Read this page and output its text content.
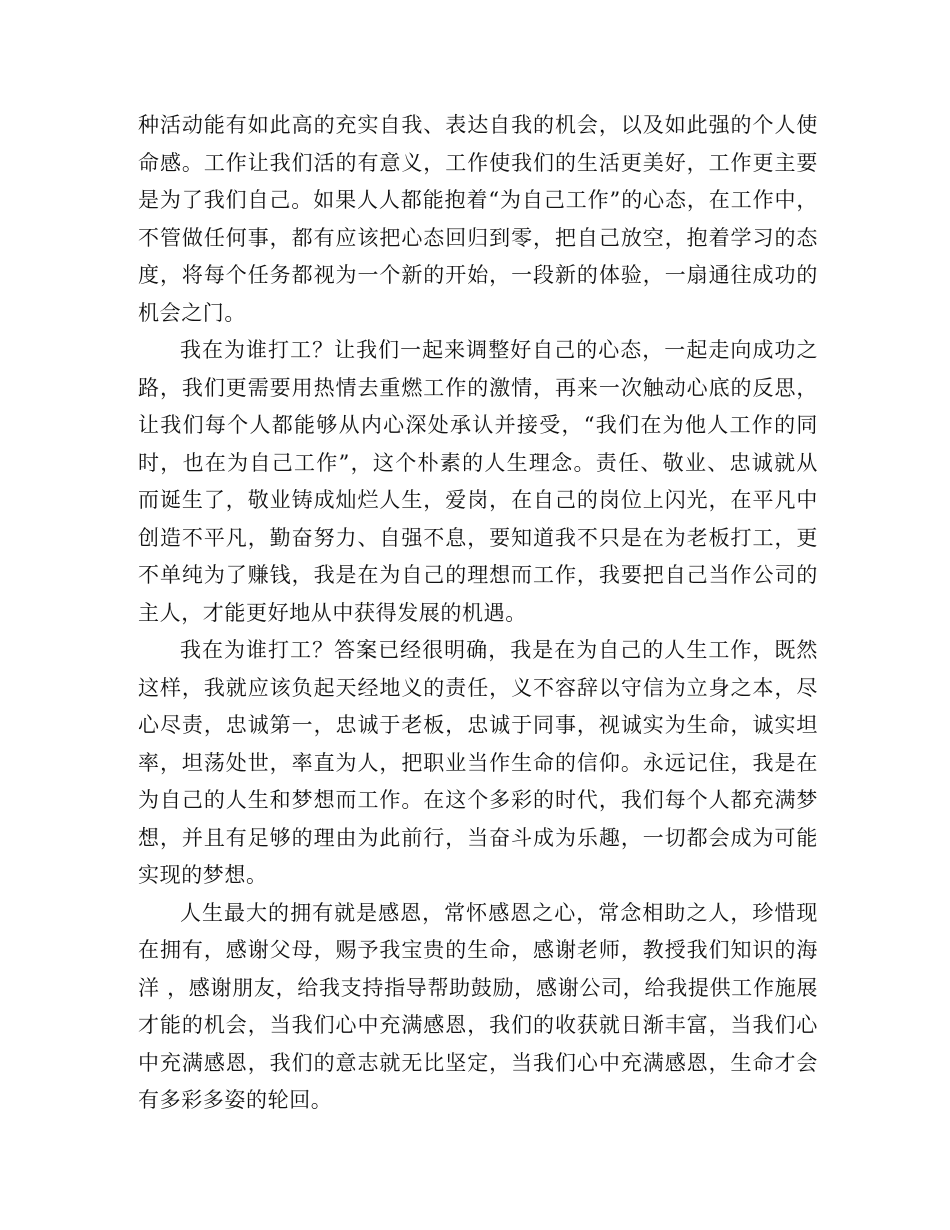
种活动能有如此高的充实自我、表达自我的机会，以及如此强的个人使命感。工作让我们活的有意义，工作使我们的生活更美好，工作更主要是为了我们自己。如果人人都能抱着“为自己工作”的心态，在工作中，不管做任何事，都有应该把心态回归到零，把自己放空，抱着学习的态度，将每个任务都视为一个新的开始，一段新的体验，一扇通往成功的机会之门。

我在为谁打工？让我们一起来调整好自己的心态，一起走向成功之路，我们更需要用热情去重燃工作的激情，再来一次触动心底的反思，让我们每个人都能够从内心深处承认并接受，“我们在为他人工作的同时，也在为自己工作”，这个朴素的人生理念。责任、敬业、忠诚就从而诞生了，敬业铸成灿烂人生，爱岗，在自己的岗位上闪光，在平凡中创造不平凡，勤奋努力、自强不息，要知道我不只是在为老板打工，更不单纯为了赚钱，我是在为自己的理想而工作，我要把自己当作公司的主人，才能更好地从中获得发展的机遇。

我在为谁打工？答案已经很明确，我是在为自己的人生工作，既然这样，我就应该负起天经地义的责任，义不容辞以守信为立身之本，尽心尽责，忠诚第一，忠诚于老板，忠诚于同事，视诚实为生命，诚实坦率，坦荡处世，率直为人，把职业当作生命的信仰。永远记住，我是在为自己的人生和梦想而工作。在这个多彩的时代，我们每个人都充满梦想，并且有足够的理由为此前行，当奋斗成为乐趣，一切都会成为可能实现的梦想。

人生最大的拥有就是感恩，常怀感恩之心，常念相助之人，珍惜现在拥有，感谢父母，赐予我宝贵的生命，感谢老师，教授我们知识的海洋 ，感谢朋友，给我支持指导帮助鼓励，感谢公司，给我提供工作施展才能的机会，当我们心中充满感恩，我们的收获就日渐丰富，当我们心中充满感恩，我们的意志就无比坚定，当我们心中充满感恩，生命才会有多彩多姿的轮回。
